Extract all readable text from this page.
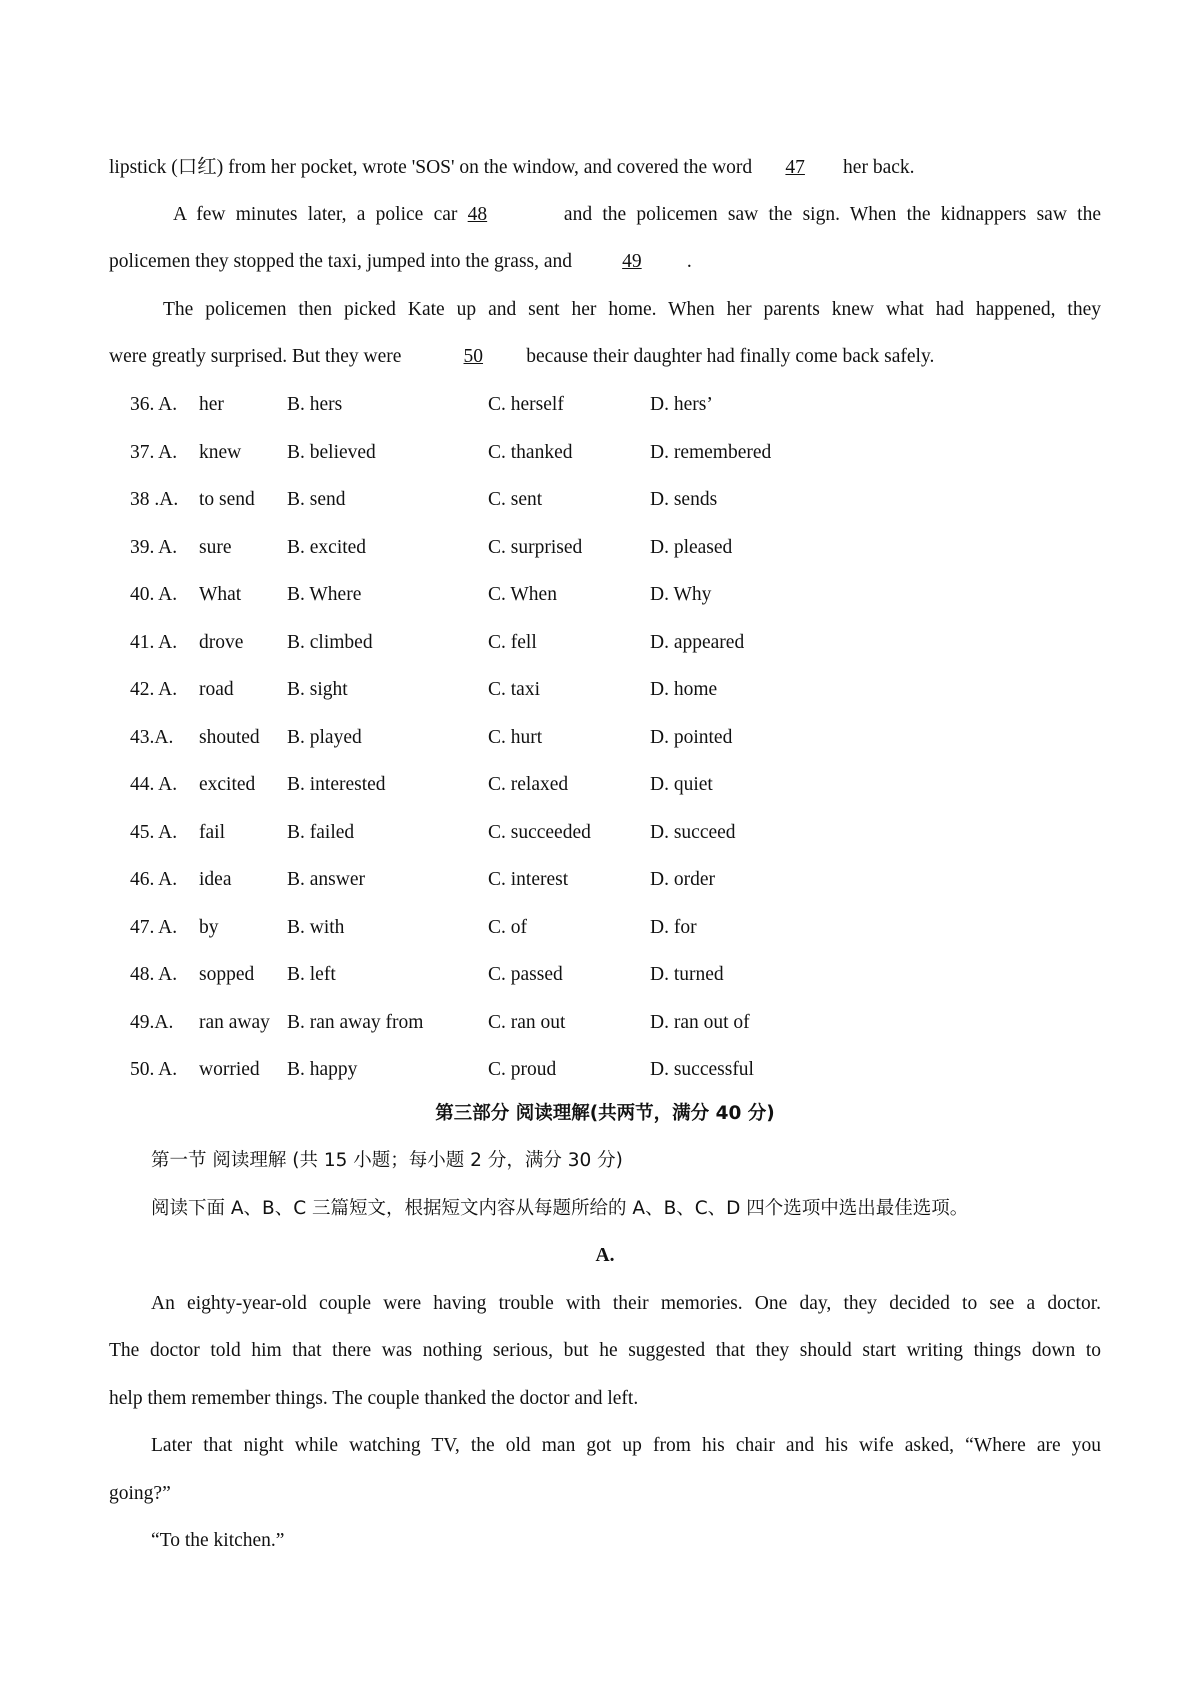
lipstick (口红) from her pocket, wrote 'SOS' on the window, and covered the word 47 her back.
A few minutes later, a police car 48	and the policemen saw the sign. When the kidnappers saw the
policemen they stopped the taxi, jumped into the grass, and	49 .
The policemen then picked Kate up and sent her home. When her parents knew what had happened, they
were greatly surprised. But they were	50 because their daughter had finally come back safely.
36. A. her	B. hers	C. herself	D. hers’
37. A. knew B. believed	C. thanked	D. remembered
38 .A. to send B. send	C. sent	D. sends
39. A. sure	B. excited	C. surprised	D. pleased
40. A. What B. Where	C. When	D. Why
41. A. drove B. climbed	C. fell	D. appeared
42. A. road	B. sight	C. taxi	D. home
43.A. shouted B. played	C. hurt	D. pointed
44. A. excited B. interested	C. relaxed	D. quiet
45. A. fail	B. failed	C. succeeded	D. succeed
46. A. idea	B. answer	C. interest	D. order
47. A. by	B. with	C. of	D. for
48. A. sopped B. left	C. passed	D. turned
49.A. ran away B. ran away from	C. ran out	D. ran out of
50. A. worried B. happy	C. proud	D. successful
第三部分 阅读理解(共两节，满分 40 分)
第一节 阅读理解 (共 15 小题；每小题 2 分，满分 30 分)
阅读下面 A、B、C 三篇短文，根据短文内容从每题所给的 A、B、C、D 四个选项中选出最佳选项。
A.
An eighty-year-old couple were having trouble with their memories. One day, they decided to see a doctor.
The doctor told him that there was nothing serious, but he suggested that they should start writing things down to
help them remember things. The couple thanked the doctor and left.
Later that night while watching TV, the old man got up from his chair and his wife asked, “Where are you
going?”
“To the kitchen.”
